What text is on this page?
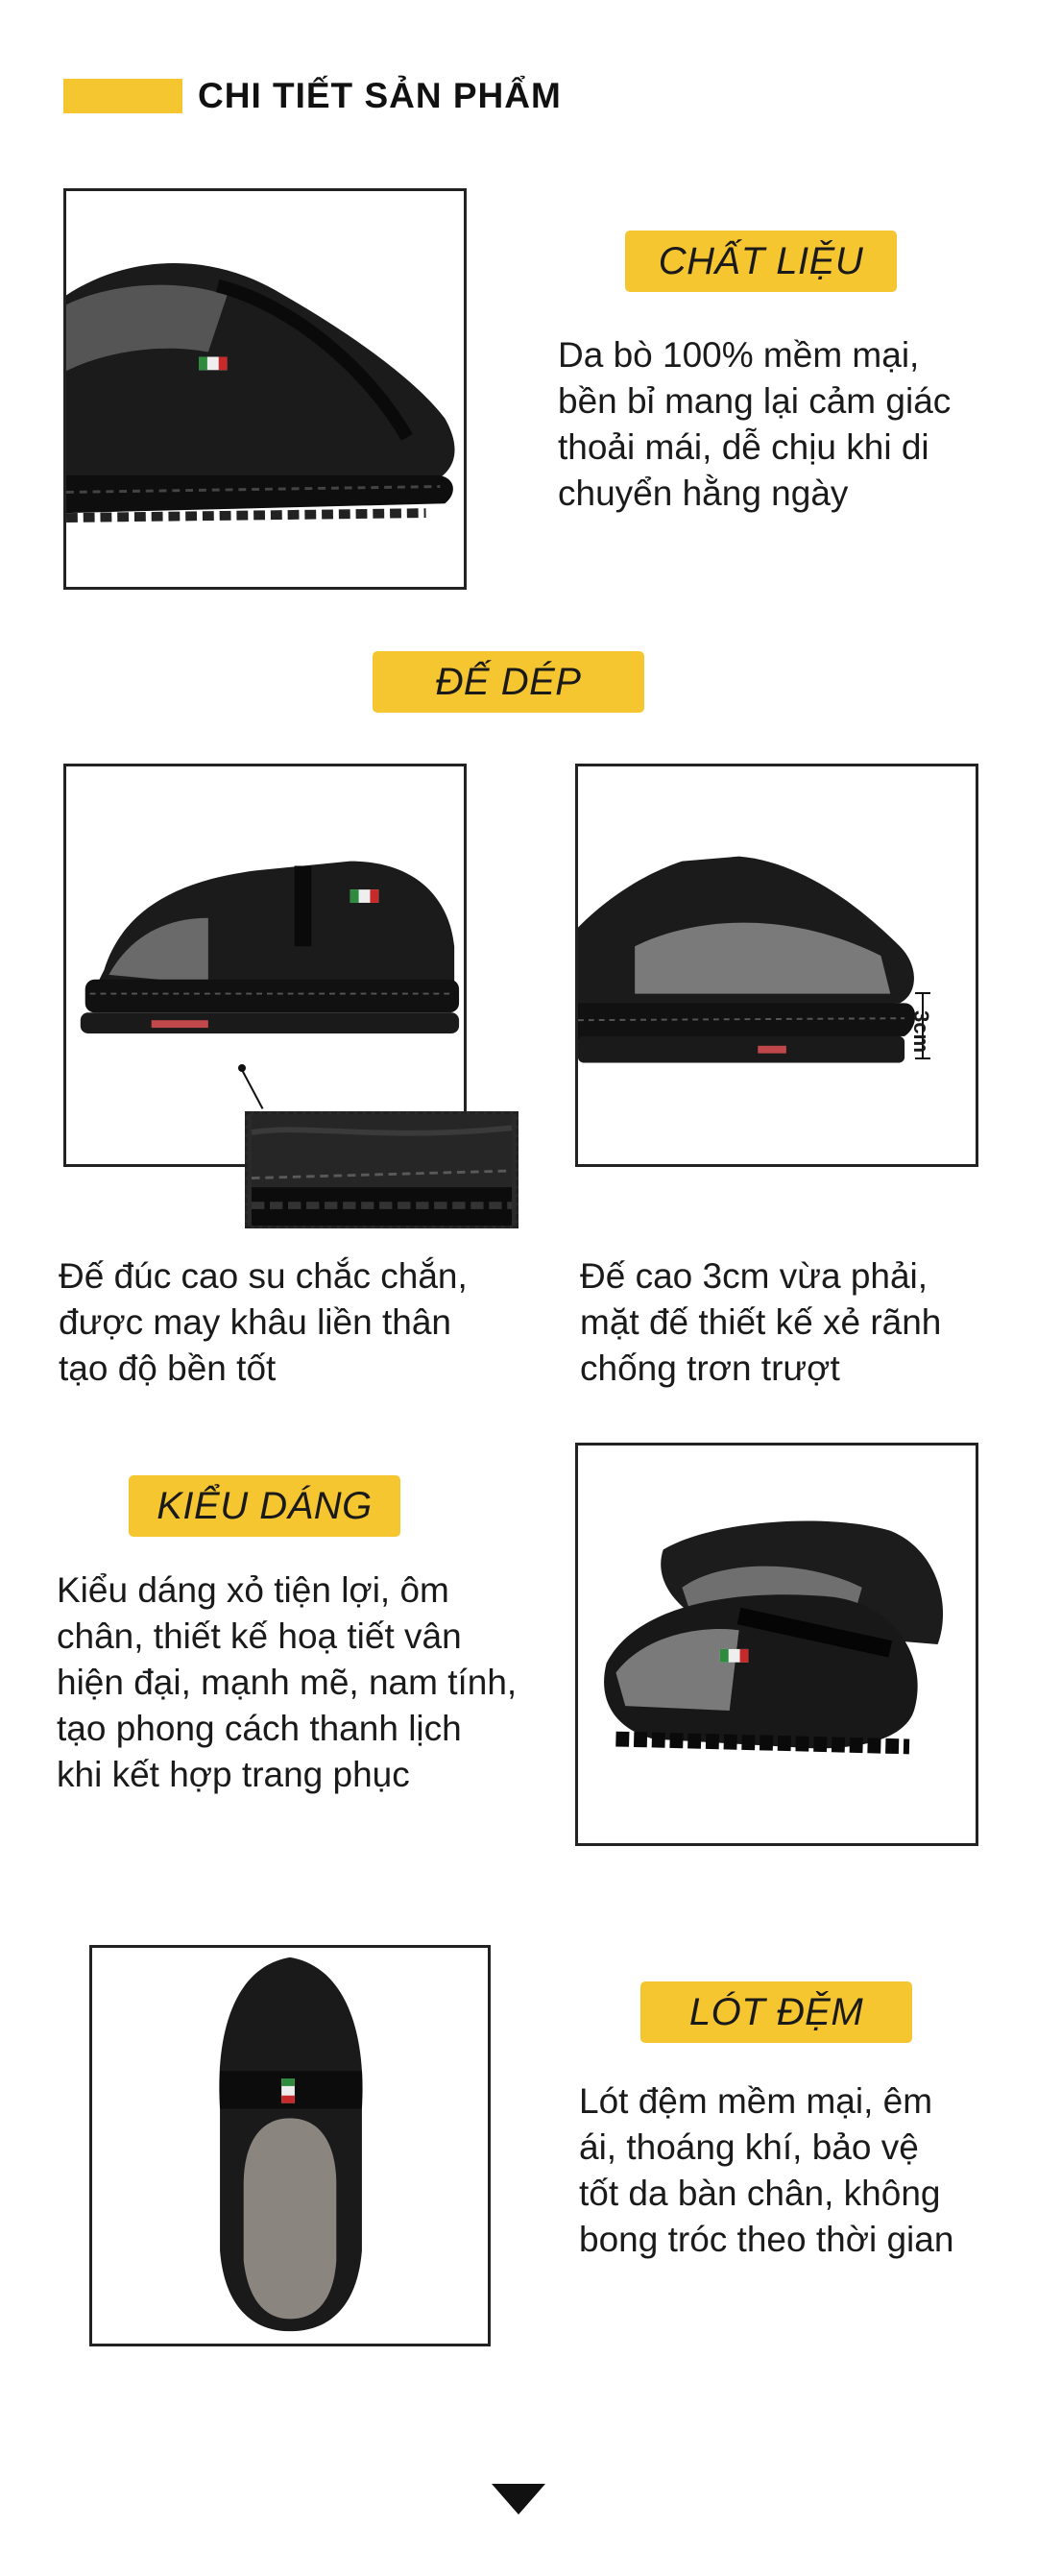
CHI TIẾT SẢN PHẨM
CHẤT LIỆU
Da bò 100% mềm mại,
bền bỉ mang lại cảm giác
thoải mái, dễ chịu khi di
chuyển hằng ngày
ĐẾ DÉP
3cm
Đế đúc cao su chắc chắn,
được may khâu liền thân
tạo độ bền tốt
Đế cao 3cm vừa phải,
mặt đế thiết kế xẻ rãnh
chống trơn trượt
KIỂU DÁNG
Kiểu dáng xỏ tiện lợi, ôm
chân, thiết kế hoạ tiết vân
hiện đại, mạnh mẽ, nam tính,
tạo phong cách thanh lịch
khi kết hợp trang phục
LÓT ĐỆM
Lót đệm mềm mại, êm
ái, thoáng khí, bảo vệ
tốt da bàn chân, không
bong tróc theo thời gian
